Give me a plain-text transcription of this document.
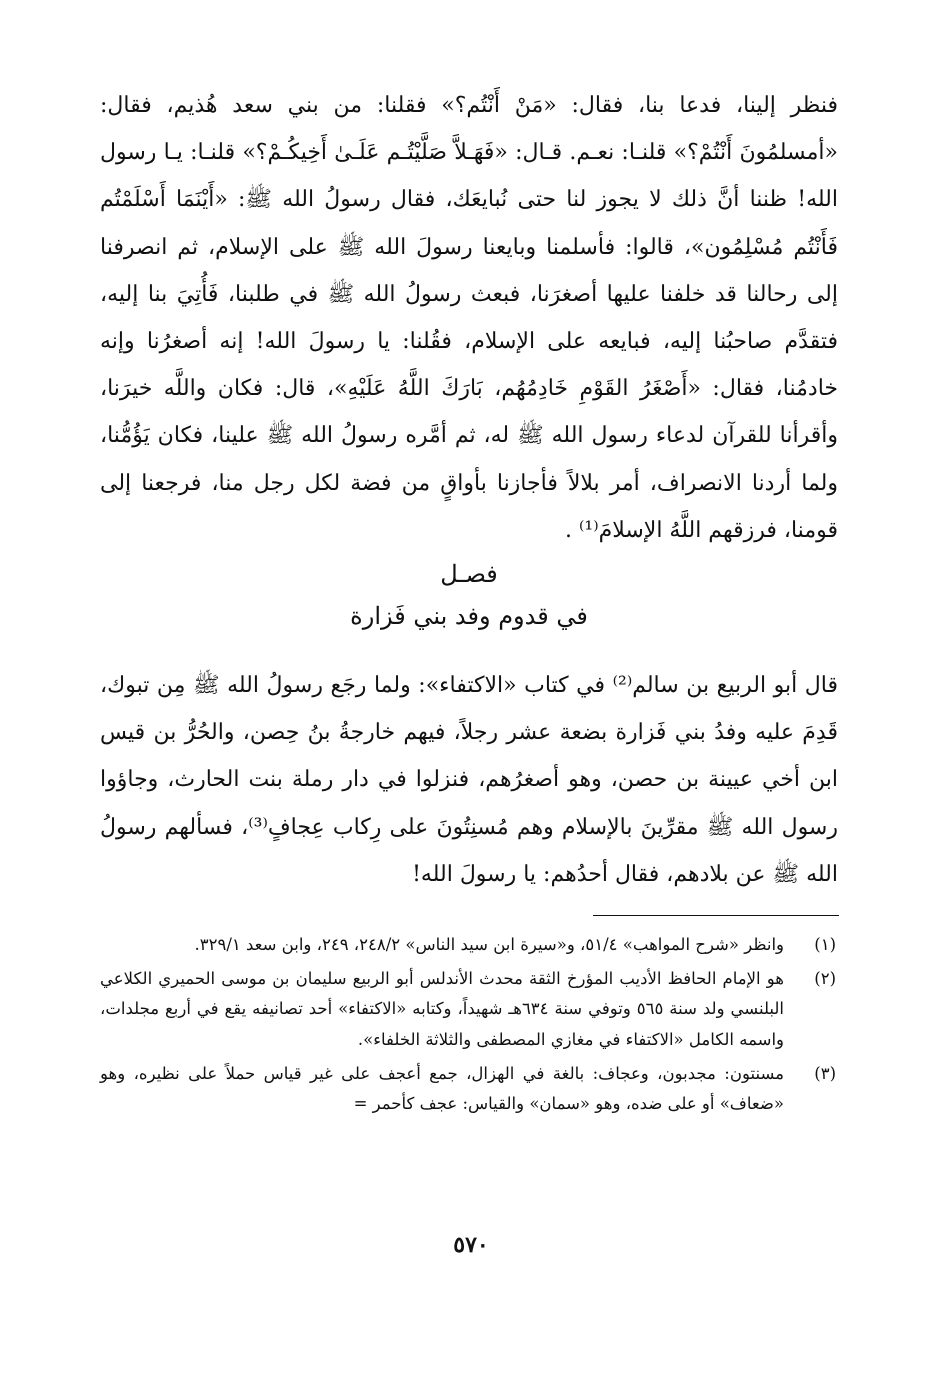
فنظر إلينا، فدعا بنا، فقال: «مَنْ أَنْتُم؟» فقلنا: من بني سعد هُذيم، فقال: «أمسلمُونَ أَنْتُمْ؟» قلنـا: نعـم. قـال: «فَهَـلاَّ صَلَّيْتُـم عَلَـىٰ أَخِيكُـمْ؟» قلنـا: يـا رسول الله! ظننا أنَّ ذلك لا يجوز لنا حتى نُبايعَك، فقال رسولُ الله ﷺ: «أَيْنَمَا أَسْلَمْتُم فَأَنْتُم مُسْلِمُون»، قالوا: فأسلمنا وبايعنا رسولَ الله ﷺ على الإسلام، ثم انصرفنا إلى رحالنا قد خلفنا عليها أصغرَنا، فبعث رسولُ الله ﷺ في طلبنا، فَأُتِيَ بنا إليه، فتقدَّم صاحبُنا إليه، فبايعه على الإسلام، فقُلنا: يا رسولَ الله! إنه أصغرُنا وإنه خادمُنا، فقال: «أَصْغَرُ القَوْمِ خَادِمُهُم، بَارَكَ اللَّهُ عَلَيْهِ»، قال: فكان واللَّه خيرَنا، وأقرأنا للقرآن لدعاء رسول الله ﷺ له، ثم أمَّره رسولُ الله ﷺ علينا، فكان يَؤُمُّنا، ولما أردنا الانصراف، أمر بلالاً فأجازنا بأواقٍ من فضة لكل رجل منا، فرجعنا إلى قومنا، فرزقهم اللَّهُ الإسلامَ⁽¹⁾ .

فصـل
في قدوم وفد بني فَزارة

قال أبو الربيع بن سالم⁽²⁾ في كتاب «الاكتفاء»: ولما رجَع رسولُ الله ﷺ مِن تبوك، قَدِمَ عليه وفدُ بني فَزارة بضعة عشر رجلاً، فيهم خارجةُ بنُ حِصن، والحُرُّ بن قيس ابن أخي عيينة بن حصن، وهو أصغرُهم، فنزلوا في دار رملة بنت الحارث، وجاؤوا رسول الله ﷺ مقرِّينَ بالإسلام وهم مُسنِتُونَ على رِكاب عِجافٍ⁽³⁾، فسألهم رسولُ الله ﷺ عن بلادهم، فقال أحدُهم: يا رسولَ الله!

(١)
وانظر «شرح المواهب» ٥١/٤، و«سيرة ابن سيد الناس» ٢٤٨/٢، ٢٤٩، وابن سعد ٣٢٩/١.
(٢)
هو الإمام الحافظ الأديب المؤرخ الثقة محدث الأندلس أبو الربيع سليمان بن موسى الحميري الكلاعي البلنسي ولد سنة ٥٦٥ وتوفي سنة ٦٣٤هـ شهيداً، وكتابه «الاكتفاء» أحد تصانيفه يقع في أربع مجلدات، واسمه الكامل «الاكتفاء في مغازي المصطفى والثلاثة الخلفاء».
(٣)
مسنتون: مجدبون، وعجاف: بالغة في الهزال، جمع أعجف على غير قياس حملاً على نظيره، وهو «ضعاف» أو على ضده، وهو «سمان» والقياس: عجف كأحمر =
٥٧٠
